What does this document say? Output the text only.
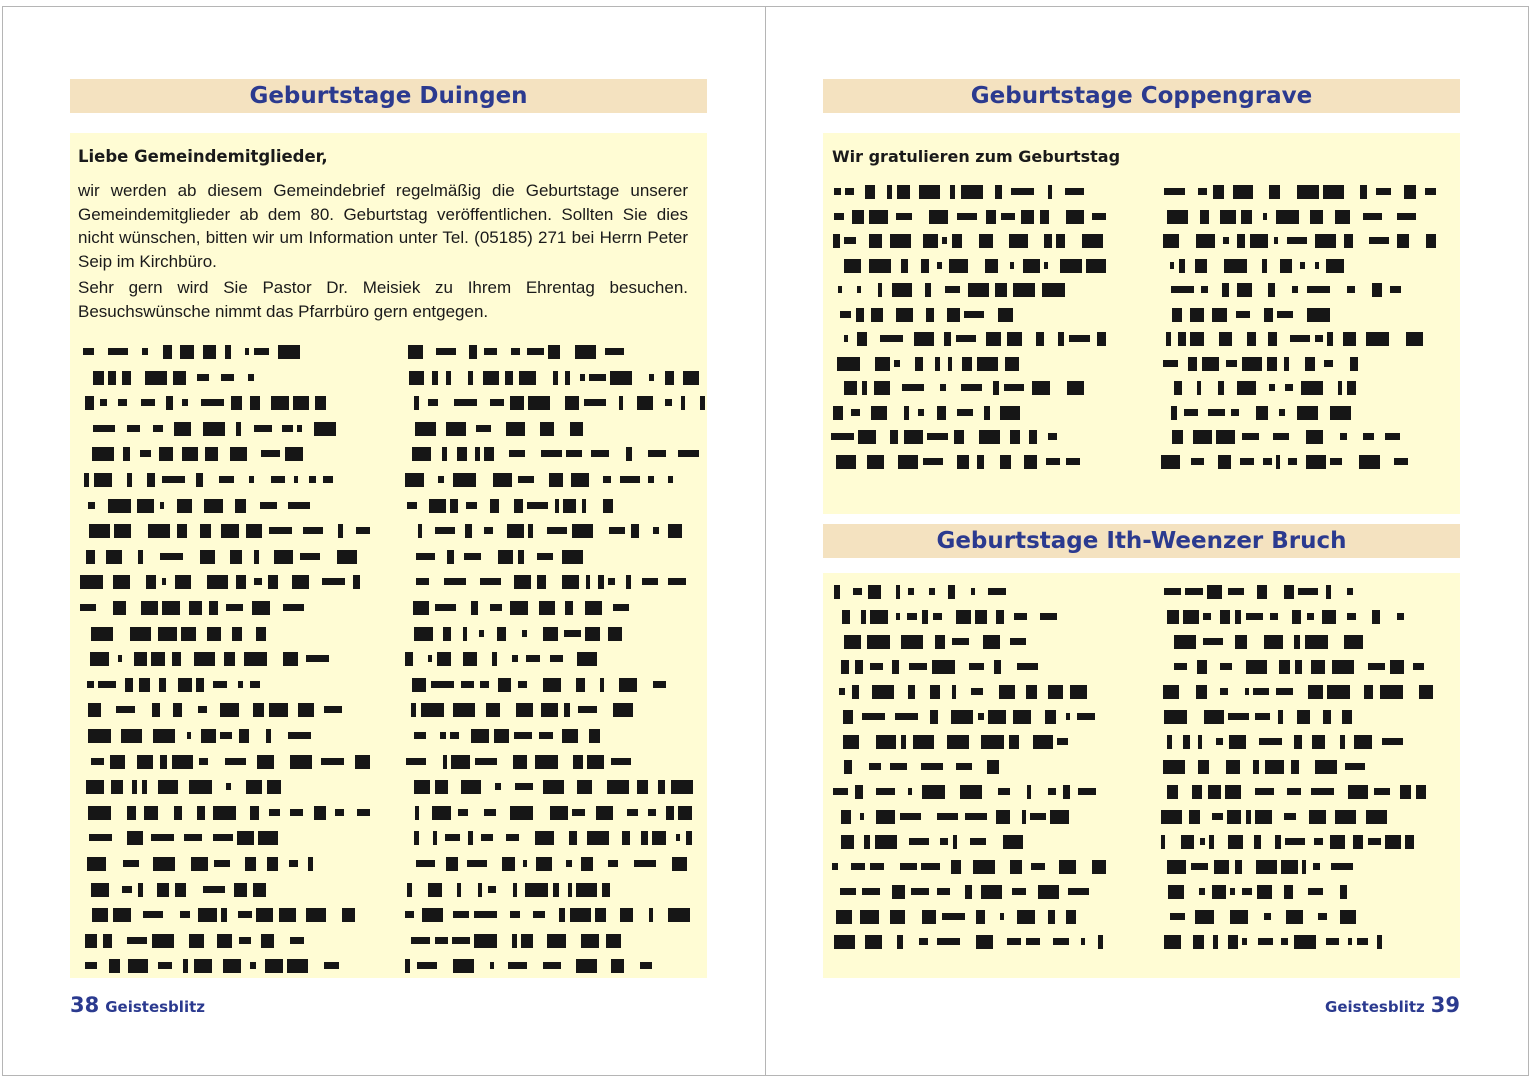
Geburtstage Duingen
Liebe Gemeindemitglieder,
wir werden ab diesem Gemeindebrief regelmäßig die Geburtstage unserer Gemeindemitglieder ab dem 80. Geburtstag veröffentlichen. Sollten Sie dies nicht wünschen, bitten wir um Information unter Tel. (05185) 271 bei Herrn Peter Seip im Kirchbüro.
Sehr gern wird Sie Pastor Dr. Meisiek zu Ihrem Ehrentag besuchen. Besuchswünsche nimmt das Pfarrbüro gern entgegen.
38 Geistesblitz
Geburtstage Coppengrave
Wir gratulieren zum Geburtstag
Geburtstage Ith-Weenzer Bruch
Geistesblitz 39
